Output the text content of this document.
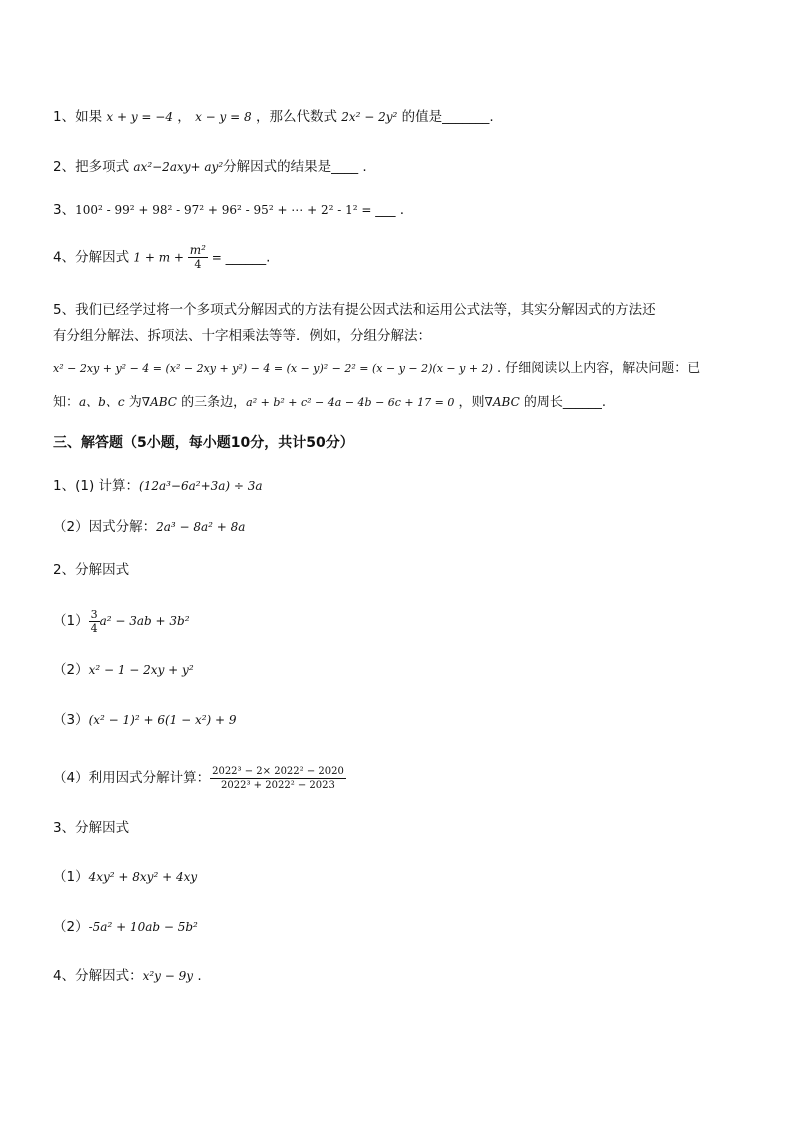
1、如果 x + y = −4 ， x − y = 8 ，那么代数式 2x² − 2y² 的值是_______.
2、把多项式 ax²−2axy+ ay²分解因式的结果是____ .
3、100² - 99² + 98² - 97² + 96² - 95² + ⋯ + 2² - 1² = ___ .
4、分解因式 $1 + m + \frac{\text{m²}}{4}$ = ______.
5、我们已经学过将一个多项式分解因式的方法有提公因式法和运用公式法等，其实分解因式的方法还
有分组分解法、拆项法、十字相乘法等等．例如，分组分解法：
x² − 2xy + y² − 4 = (x² − 2xy + y²) − 4 = (x − y)² − 2² = (x − y − 2)(x − y + 2) . 仔细阅读以上内容，解决问题：已
知：a、b、c 为∇ABC 的三条边，a² + b² + c² − 4a − 4b − 6c + 17 = 0 ，则∇ABC 的周长______.
三、解答题（5小题，每小题10分，共计50分）
1、(1) 计算：(12a³−6a²+3a) ÷ 3a
（2）因式分解：2a³ − 8a² + 8a
2、分解因式
$(1) \frac{3}{4} a^2 - 3ab + 3b^2$
（2）x² − 1 − 2xy + y²
（3）(x² − 1)² + 6(1 − x²) + 9
（4）利用因式分解计算： $\frac{\text{2022³ − 2× 2022² − 2020}}{\text{2022³ + 2022² − 2023}}$
3、分解因式
（1）4xy² + 8xy² + 4xy
（2）-5a² + 10ab − 5b²
4、分解因式：x²y − 9y .
